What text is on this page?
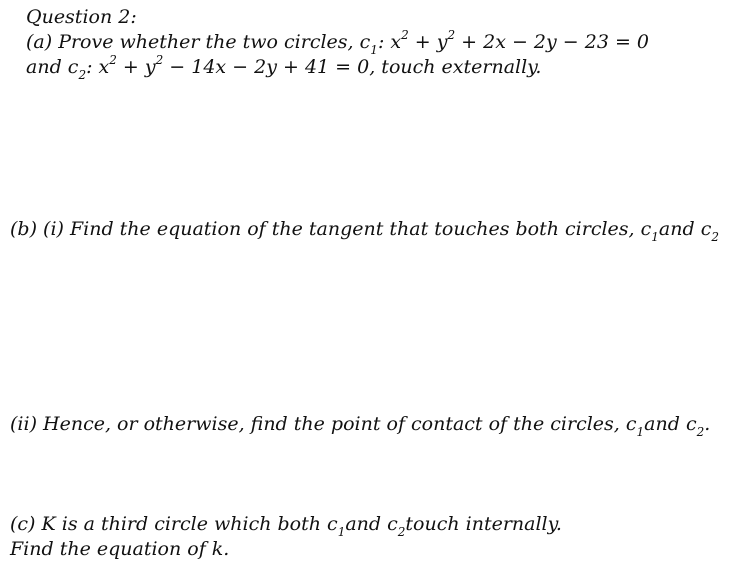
Question 2:
(a) Prove whether the two circles, $c_1$: $x^2 + y^2 + 2x - 2y - 23 = 0$
and $c_2$: $x^2 + y^2 - 14x - 2y + 41 = 0$, touch externally.
(b) (i) Find the equation of the tangent that touches both circles, $c_1and$ $c_2$
(ii) Hence, or otherwise, find the point of contact of the circles, $c_1and$ $c_2$.
(c) K is a third circle which both $c_1and$ $c_2touch$ internally.
Find the equation of k.
